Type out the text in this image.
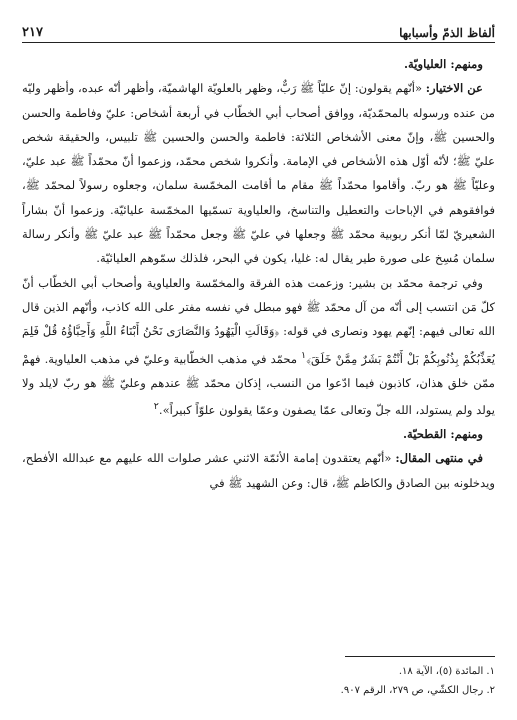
ألفاظ الذمّ وأسبابها
٢١٧

ومنهم: العلياويّة.

عن الاختيار: «أنّهم يقولون: إنّ عليّاً ﷺ رَبٌّ، وظهر بالعلويّة الهاشميّة، وأظهر أنّه عبده، وأظهر وليّه من عنده ورسوله بالمحمّديّة، ووافق أصحاب أبي الخطّاب في أربعة أشخاص: عليّ وفاطمة والحسن والحسين ﷺ، وإنّ معنى الأشخاص الثلاثة: فاطمة والحسن والحسين ﷺ تلبيس، والحقيقة شخص عليّ ﷺ؛ لأنّه أوّل هذه الأشخاص في الإمامة. وأنكروا شخص محمّد، وزعموا أنّ محمّداً ﷺ عبد عليّ، وعليّاً ﷺ هو ربّ. وأقاموا محمّداً ﷺ مقام ما أقامت المخمّسة سلمان، وجعلوه رسولاً لمحمّد ﷺ، فوافقوهم في الإباحات والتعطيل والتناسخ، والعلياوية تسمّيها المخمّسة عليائيّة. وزعموا أنّ بشاراً الشعيريّ لمّا أنكر ربوبية محمّد ﷺ وجعلها في عليّ ﷺ وجعل محمّداً ﷺ عبد عليّ ﷺ وأنكر رسالة سلمان مُسِخ على صورة طير يقال له: غليا، يكون في البحر، فلذلك سمّوهم العليائيّة.

وفي ترجمة محمّد بن بشير: وزعمت هذه الفرقة والمخمّسة والعلياوية وأصحاب أبي الخطّاب أنّ كلّ مَن انتسب إلى أنّه من آل محمّد ﷺ فهو مبطل في نفسه مفتر على الله كاذب، وأنّهم الذين قال الله تعالى فيهم: إنّهم يهود ونصارى في قوله: ﴿وَقَالَتِ الْيَهُودُ وَالنَّصَارَى نَحْنُ أَبْنَاءُ اللَّهِ وَأَحِبَّاؤُهُ قُلْ فَلِمَ يُعَذِّبُكُمْ بِذُنُوبِكُمْ بَلْ أَنْتُمْ بَشَرٌ مِمَّنْ خَلَقَ﴾$^١$ محمّد في مذهب الخطّابية وعليّ في مذهب العلياوية. فهمْ ممّن خلق هذان، كاذبون فيما ادّعوا من النسب، إذكان محمّد ﷺ عندهم وعليّ ﷺ هو ربّ لايلد ولا يولد ولم يستولد، الله جلّ وتعالى عمّا يصفون وعمّا يقولون علوّاً كبيراً».$^٢$

ومنهم: القطحيّة.

في منتهى المقال: «أنّهم يعتقدون إمامة الأئمّة الاثني عشر صلوات الله عليهم مع عبدالله الأفطح، ويدخلونه بين الصادق والكاظم ﷺ، قال: وعن الشهيد ﷺ في

١. المائدة (٥)، الآية ١٨.

٢. رجال الكشّي، ص ٢٧٩، الرقم ٩٠٧.
